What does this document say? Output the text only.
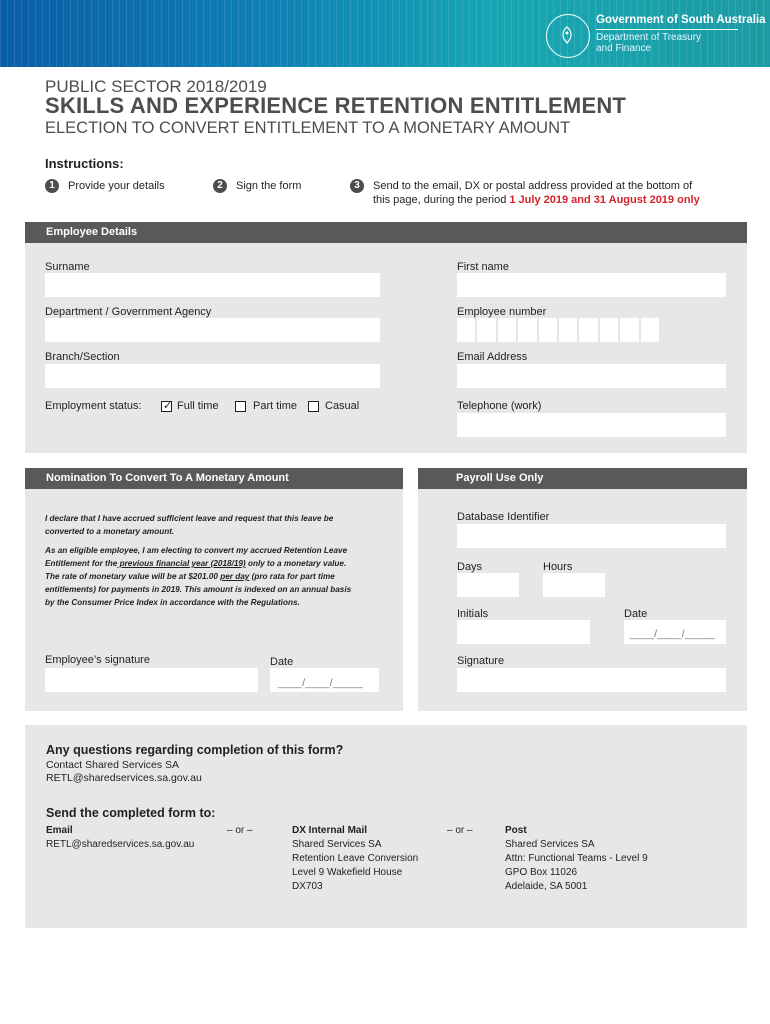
Government of South Australia
Department of Treasury
and Finance
PUBLIC SECTOR 2018/2019
SKILLS AND EXPERIENCE RETENTION ENTITLEMENT
ELECTION TO CONVERT ENTITLEMENT TO A MONETARY AMOUNT
Instructions:
1	Provide your details	2	Sign the form	3	Send to the email, DX or postal address provided at the bottom of
this page, during the period 1 July 2019 and 31 August 2019 only
Employee Details
Surname	First name
Department / Government Agency	Employee number
Branch/Section	Email Address
Employment status: ✓ Full time	Part time	Casual	Telephone (work)
Nomination To Convert To A Monetary Amount
I declare that I have accrued sufficient leave and request that this leave be
converted to a monetary amount.
As an eligible employee, I am electing to convert my accrued Retention Leave
Entitlement for the previous financial year (2018/19) only to a monetary value.
The rate of monetary value will be at $201.00 per day (pro rata for part time
entitlements) for payments in 2019. This amount is indexed on an annual basis
by the Consumer Price Index in accordance with the Regulations.
Employee’s signature	Date
____/____/_____
Payroll Use Only
Database Identifier
Days	Hours
Initials	Date
____/____/_____
Signature
Any questions regarding completion of this form?
Contact Shared Services SA
RETL@sharedservices.sa.gov.au
Send the completed form to:
Email
RETL@sharedservices.sa.gov.au
– or –	DX Internal Mail
Shared Services SA
Retention Leave Conversion
Level 9 Wakefield House
DX703
– or –	Post
Shared Services SA
Attn: Functional Teams - Level 9
GPO Box 11026
Adelaide, SA 5001
